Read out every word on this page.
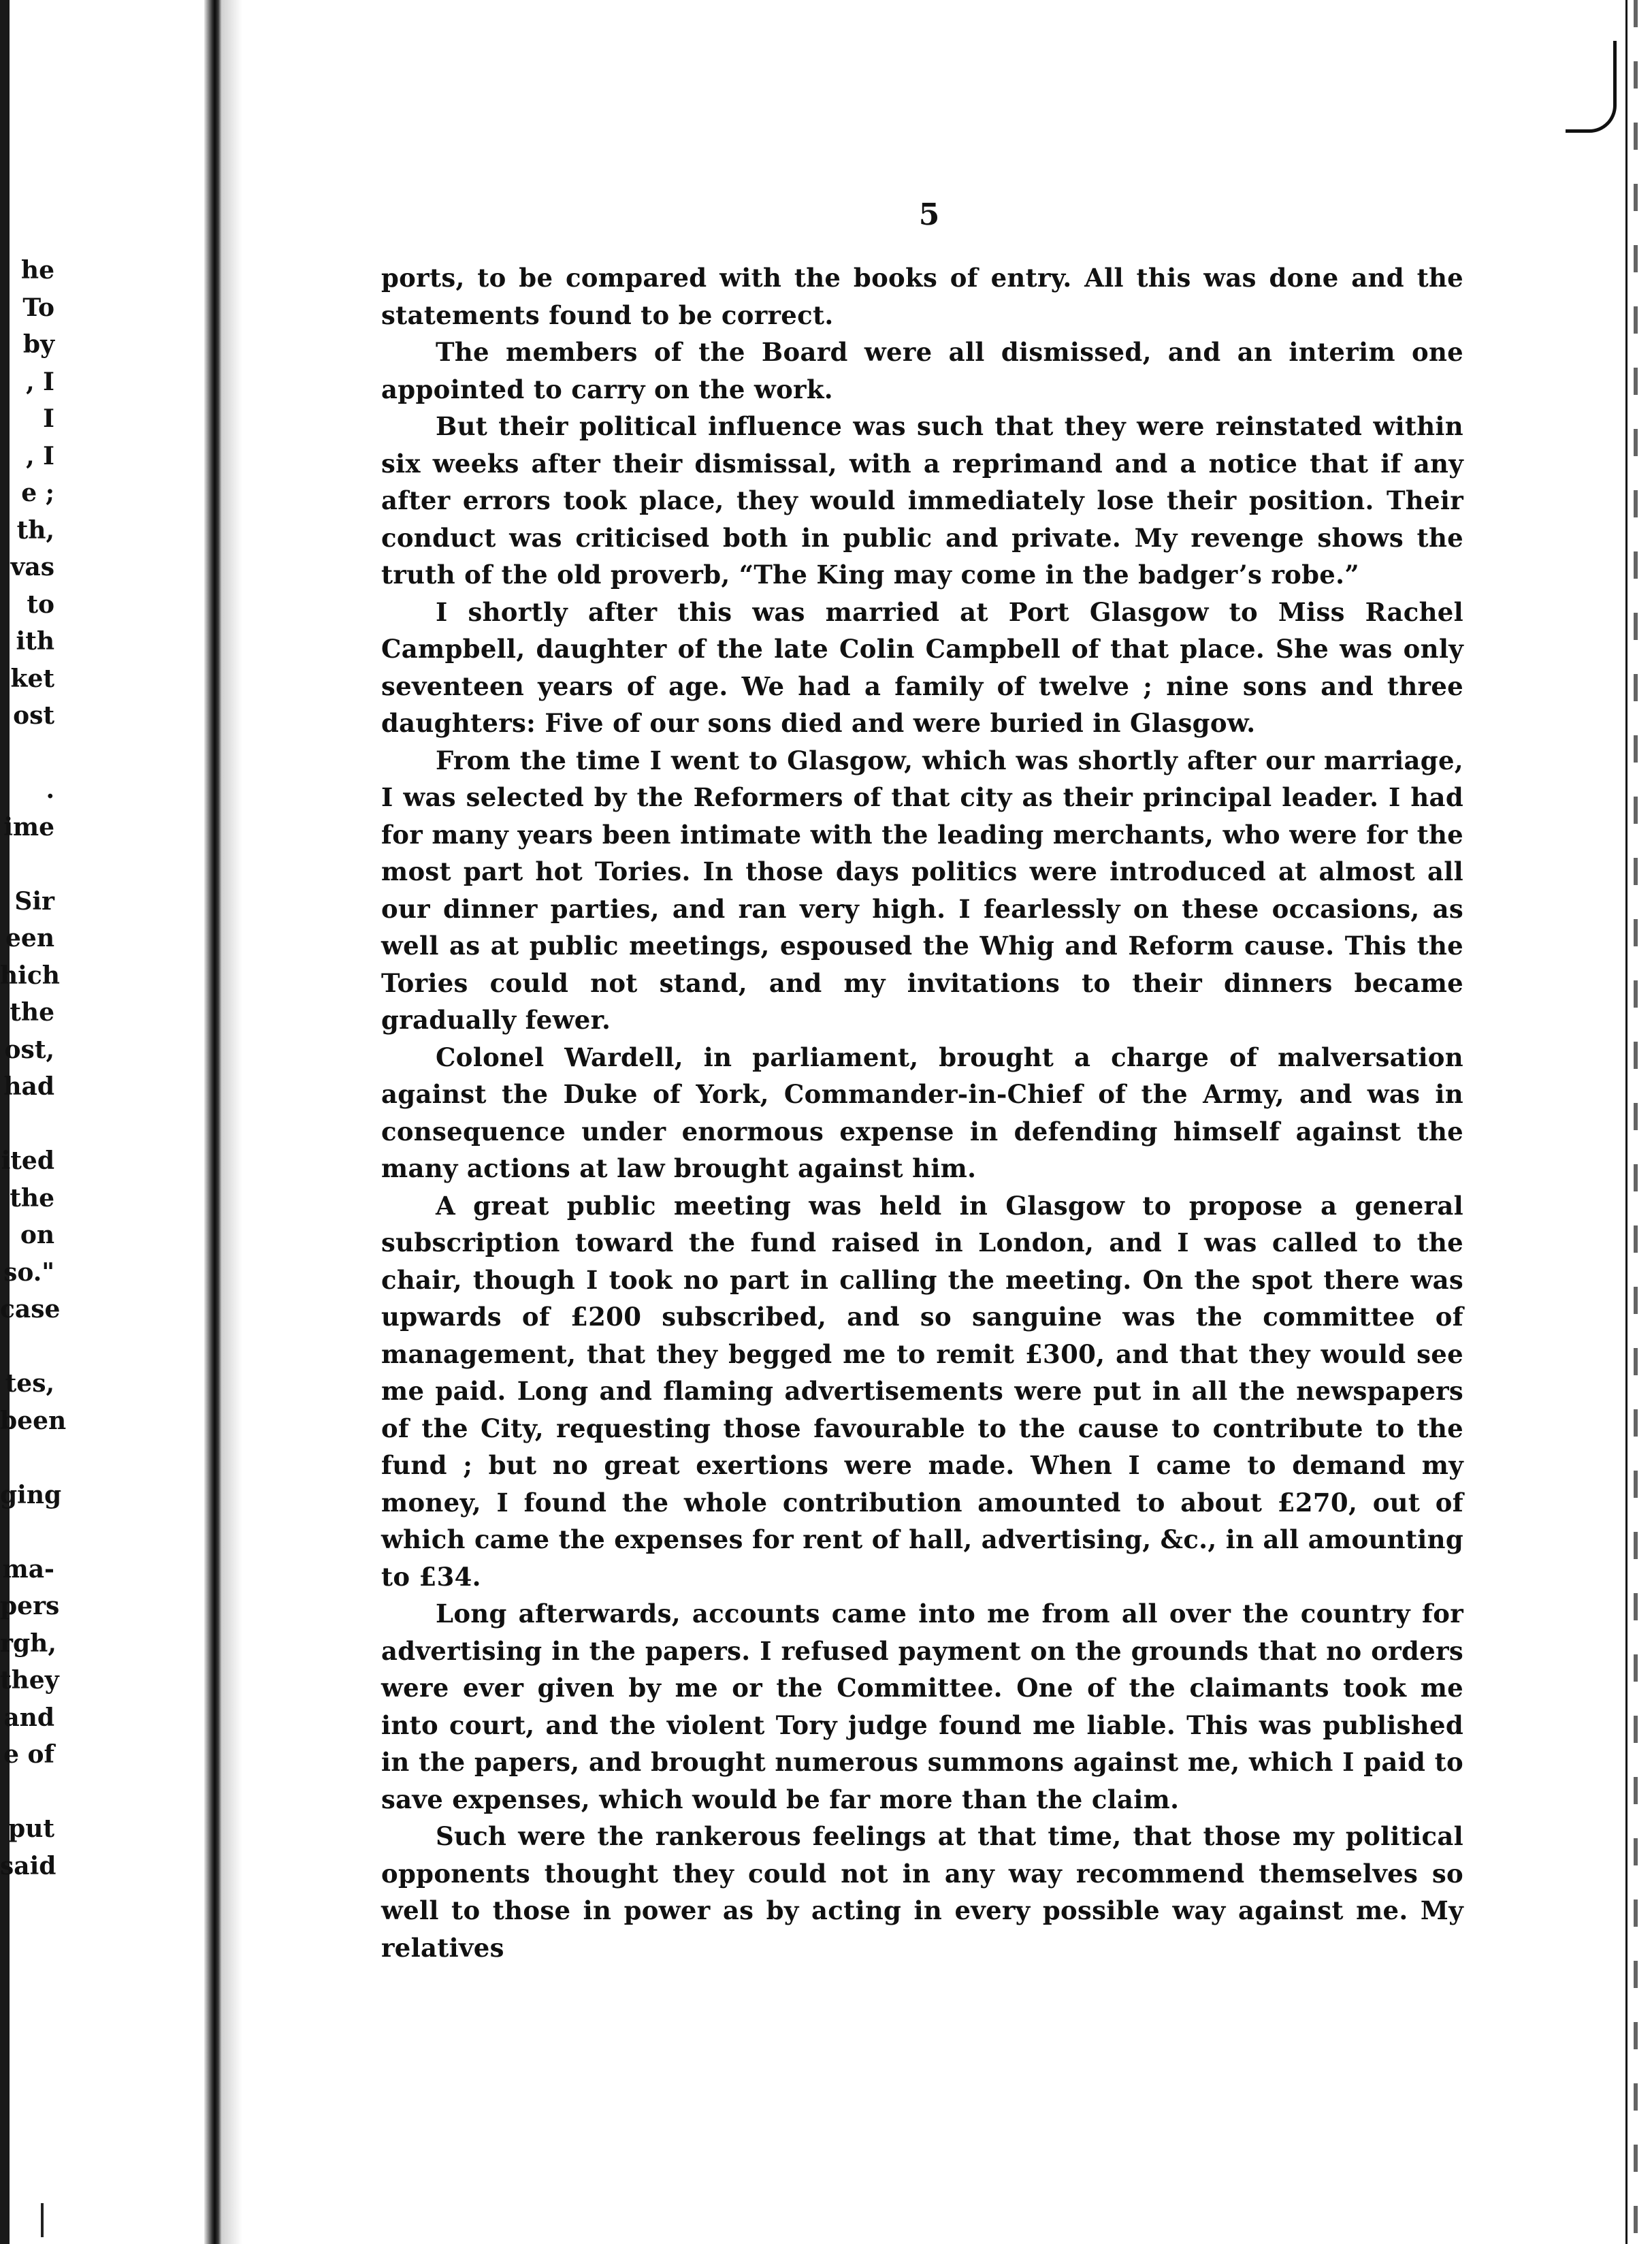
he
To
by
, I
I
, I
e ;
th,
vas
to
ith
ket
ost
.
ime
Sir
een
hich
the
ost,
had
ited
the
on
so."
case
tes,
been
ging
ma-
pers
rgh,
they
and
e of
put
said
5

ports, to be compared with the books of entry. All this was done and the statements found to be correct.

The members of the Board were all dismissed, and an interim one appointed to carry on the work.

But their political influence was such that they were reinstated within six weeks after their dismissal, with a reprimand and a notice that if any after errors took place, they would immediately lose their position. Their conduct was criticised both in public and private. My revenge shows the truth of the old proverb, “The King may come in the badger’s robe.”

I shortly after this was married at Port Glasgow to Miss Rachel Campbell, daughter of the late Colin Campbell of that place. She was only seventeen years of age. We had a family of twelve ; nine sons and three daughters: Five of our sons died and were buried in Glasgow.

From the time I went to Glasgow, which was shortly after our marriage, I was selected by the Reformers of that city as their principal leader. I had for many years been intimate with the leading merchants, who were for the most part hot Tories. In those days politics were introduced at almost all our dinner parties, and ran very high. I fearlessly on these occasions, as well as at public meetings, espoused the Whig and Reform cause. This the Tories could not stand, and my invitations to their dinners became gradually fewer.

Colonel Wardell, in parliament, brought a charge of malversation against the Duke of York, Commander-in-Chief of the Army, and was in consequence under enormous expense in defending himself against the many actions at law brought against him.

A great public meeting was held in Glasgow to propose a general subscription toward the fund raised in London, and I was called to the chair, though I took no part in calling the meeting. On the spot there was upwards of £200 subscribed, and so sanguine was the committee of management, that they begged me to remit £300, and that they would see me paid. Long and flaming advertisements were put in all the newspapers of the City, requesting those favourable to the cause to contribute to the fund ; but no great exertions were made. When I came to demand my money, I found the whole contribution amounted to about £270, out of which came the expenses for rent of hall, advertising, &c., in all amounting to £34.

Long afterwards, accounts came into me from all over the country for advertising in the papers. I refused payment on the grounds that no orders were ever given by me or the Committee. One of the claimants took me into court, and the violent Tory judge found me liable. This was published in the papers, and brought numerous summons against me, which I paid to save expenses, which would be far more than the claim.

Such were the rankerous feelings at that time, that those my political opponents thought they could not in any way recommend themselves so well to those in power as by acting in every possible way against me. My relatives
